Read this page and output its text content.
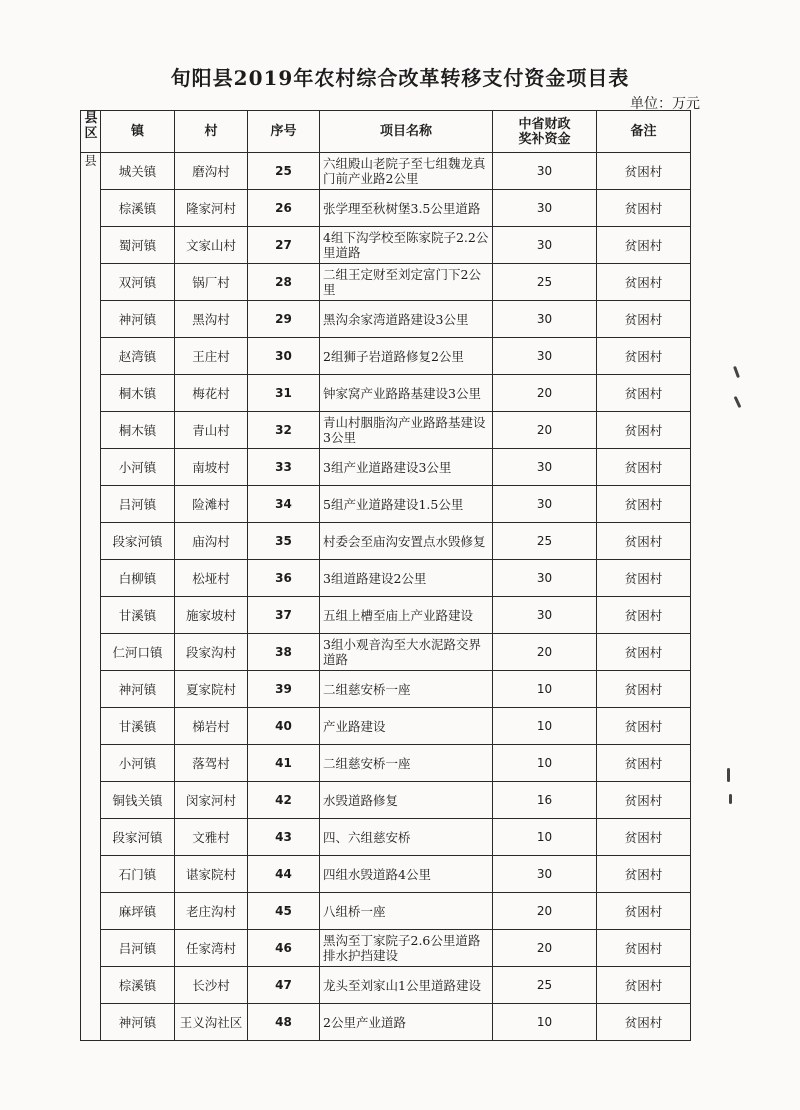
旬阳县2019年农村综合改革转移支付资金项目表
单位：万元
县区	镇	村	序号	项目名称	中省财政奖补资金	备注
县	城关镇	磨沟村	25	六组殿山老院子至七组魏龙真门前产业路2公里	30	贫困村
	棕溪镇	隆家河村	26	张学理至秋树堡3.5公里道路	30	贫困村
	蜀河镇	文家山村	27	4组下沟学校至陈家院子2.2公里道路	30	贫困村
	双河镇	锅厂村	28	二组王定财至刘定富门下2公里	25	贫困村
	神河镇	黑沟村	29	黑沟余家湾道路建设3公里	30	贫困村
	赵湾镇	王庄村	30	2组狮子岩道路修复2公里	30	贫困村
	桐木镇	梅花村	31	钟家窝产业路路基建设3公里	20	贫困村
	桐木镇	青山村	32	青山村胭脂沟产业路路基建设3公里	20	贫困村
	小河镇	南坡村	33	3组产业道路建设3公里	30	贫困村
	吕河镇	险滩村	34	5组产业道路建设1.5公里	30	贫困村
	段家河镇	庙沟村	35	村委会至庙沟安置点水毁修复	25	贫困村
	白柳镇	松垭村	36	3组道路建设2公里	30	贫困村
	甘溪镇	施家坡村	37	五组上槽至庙上产业路建设	30	贫困村
	仁河口镇	段家沟村	38	3组小观音沟至大水泥路交界道路	20	贫困村
	神河镇	夏家院村	39	二组慈安桥一座	10	贫困村
	甘溪镇	梯岩村	40	产业路建设	10	贫困村
	小河镇	落驾村	41	二组慈安桥一座	10	贫困村
	铜钱关镇	闵家河村	42	水毁道路修复	16	贫困村
	段家河镇	文雅村	43	四、六组慈安桥	10	贫困村
	石门镇	谌家院村	44	四组水毁道路4公里	30	贫困村
	麻坪镇	老庄沟村	45	八组桥一座	20	贫困村
	吕河镇	任家湾村	46	黑沟至丁家院子2.6公里道路排水护挡建设	20	贫困村
	棕溪镇	长沙村	47	龙头至刘家山1公里道路建设	25	贫困村
	神河镇	王义沟社区	48	2公里产业道路	10	贫困村
